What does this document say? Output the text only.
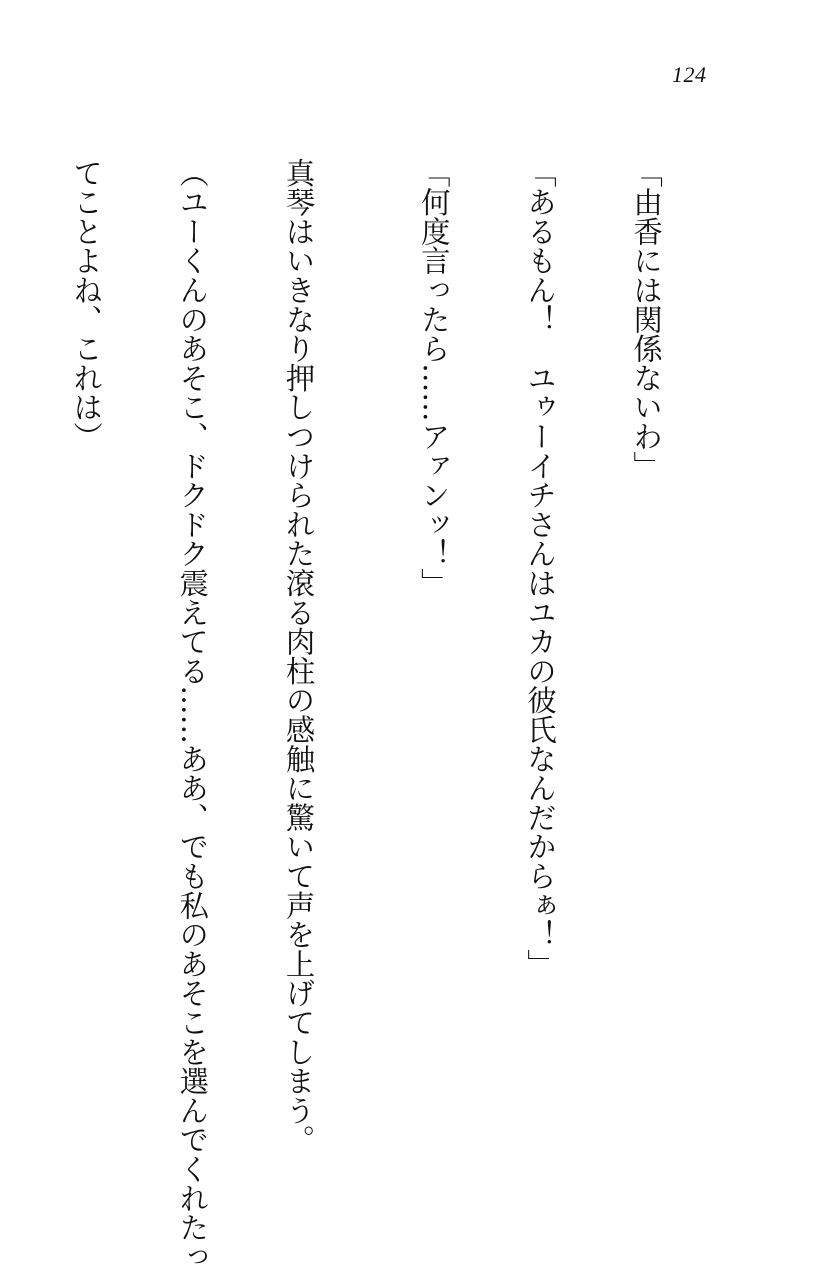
124

「由香には関係ないわ」

「あるもん！　ユゥーイチさんはユカの彼氏なんだからぁ！」

「何度言ったら……アァンッ！」

真琴はいきなり押しつけられた滾る肉柱の感触に驚いて声を上げてしまう。

（ユーくんのあそこ、ドクドク震えてる……ああ、でも私のあそこを選んでくれたっ

てことよね、これは）
